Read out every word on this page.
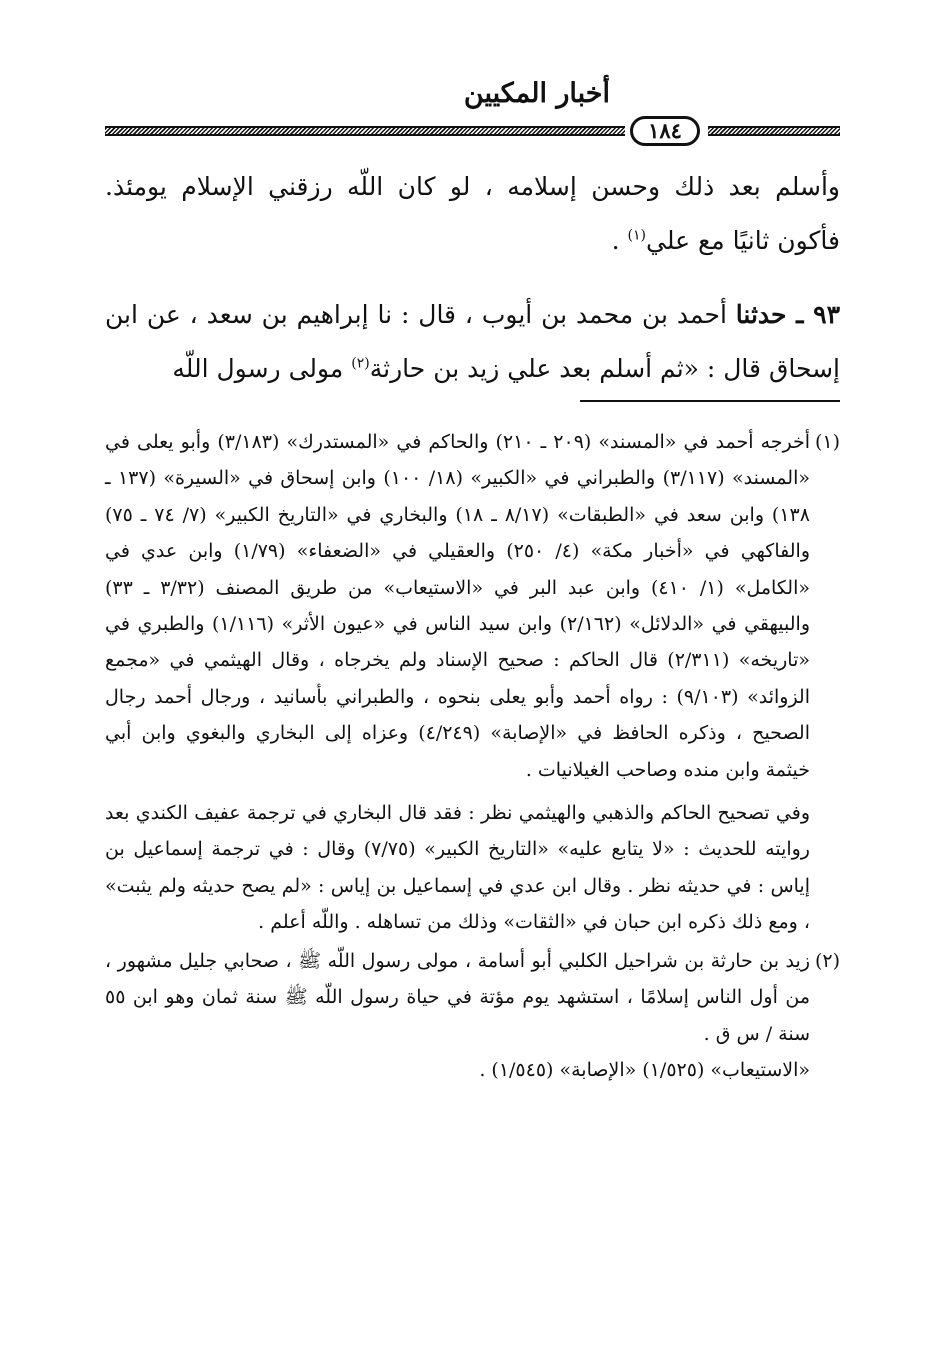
أخبار المكيين
١٨٤

وأسلم بعد ذلك وحسن إسلامه ، لو كان اللّه رزقني الإسلام يومئذ. فأكون ثانيًا مع علي$^{(١)}$ .

٩٣ ـ حدثنا أحمد بن محمد بن أيوب ، قال : نا إبراهيم بن سعد ، عن ابن إسحاق قال : «ثم أسلم بعد علي زيد بن حارثة$^{(٢)}$ مولى رسول اللّه

(١)

أخرجه أحمد في «المسند» (٢٠٩ ـ ٢١٠) والحاكم في «المستدرك» (٣/١٨٣) وأبو يعلى في «المسند» (٣/١١٧) والطبراني في «الكبير» (١٨/ ١٠٠) وابن إسحاق في «السيرة» (١٣٧ ـ ١٣٨) وابن سعد في «الطبقات» (٨/١٧ ـ ١٨) والبخاري في «التاريخ الكبير» (٧/ ٧٤ ـ ٧٥) والفاكهي في «أخبار مكة» (٤/ ٢٥٠) والعقيلي في «الضعفاء» (١/٧٩) وابن عدي في «الكامل» (١/ ٤١٠) وابن عبد البر في «الاستيعاب» من طريق المصنف (٣/٣٢ ـ ٣٣) والبيهقي في «الدلائل» (٢/١٦٢) وابن سيد الناس في «عيون الأثر» (١/١١٦) والطبري في «تاريخه» (٢/٣١١) قال الحاكم : صحيح الإسناد ولم يخرجاه ، وقال الهيثمي في «مجمع الزوائد» (٩/١٠٣) : رواه أحمد وأبو يعلى بنحوه ، والطبراني بأسانيد ، ورجال أحمد رجال الصحيح ، وذكره الحافظ في «الإصابة» (٤/٢٤٩) وعزاه إلى البخاري والبغوي وابن أبي خيثمة وابن منده وصاحب الغيلانيات .

وفي تصحيح الحاكم والذهبي والهيثمي نظر : فقد قال البخاري في ترجمة عفيف الكندي بعد روايته للحديث : «لا يتابع عليه» «التاريخ الكبير» (٧/٧٥) وقال : في ترجمة إسماعيل بن إياس : في حديثه نظر . وقال ابن عدي في إسماعيل بن إياس : «لم يصح حديثه ولم يثبت» ، ومع ذلك ذكره ابن حبان في «الثقات» وذلك من تساهله . واللّه أعلم .

(٢)

زيد بن حارثة بن شراحيل الكلبي أبو أسامة ، مولى رسول اللّه ﷺ ، صحابي جليل مشهور ، من أول الناس إسلامًا ، استشهد يوم مؤتة في حياة رسول اللّه ﷺ سنة ثمان وهو ابن ٥٥ سنة / س ق .

«الاستيعاب» (١/٥٢٥) «الإصابة» (١/٥٤٥) .
